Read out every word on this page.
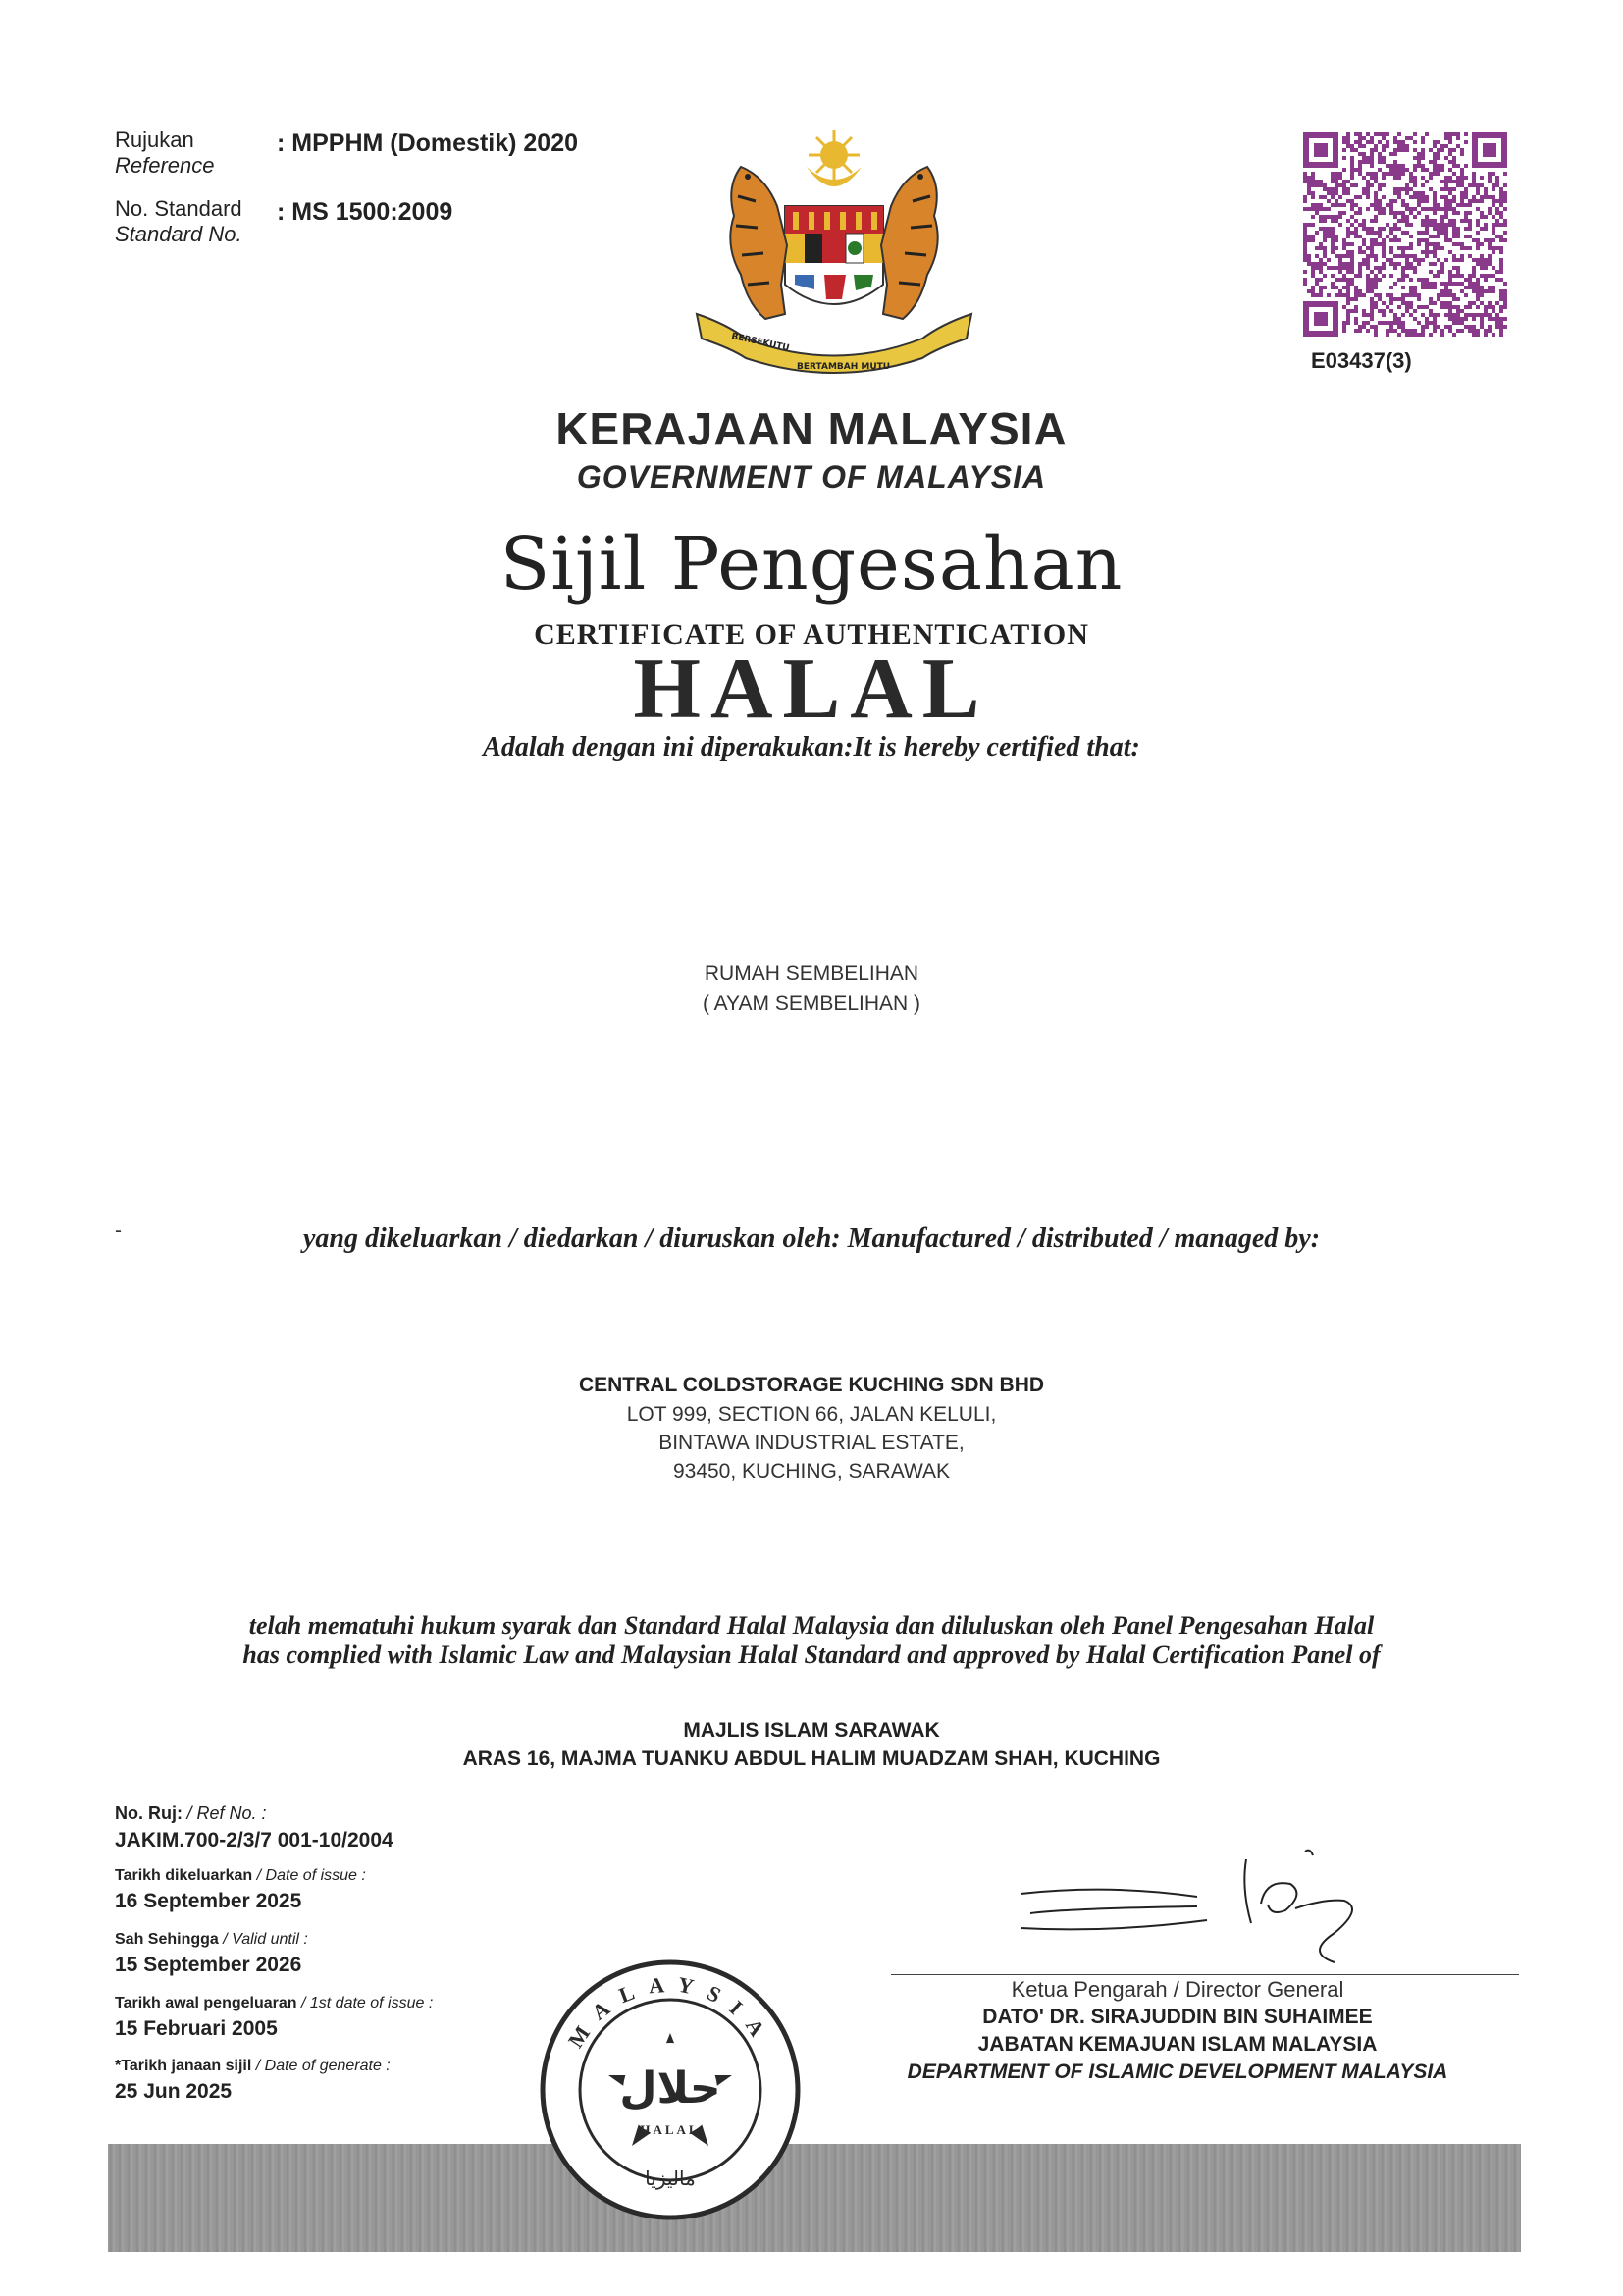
Rujukan
Reference
: MPPHM (Domestik) 2020
No. Standard
Standard No.
: MS 1500:2009
BERSEKUTU
BERTAMBAH MUTU	E03437(3)
KERAJAAN MALAYSIA
GOVERNMENT OF MALAYSIA
Sijil Pengesahan
CERTIFICATE OF AUTHENTICATION
HALAL
Adalah dengan ini diperakukan:It is hereby certified that:
RUMAH SEMBELIHAN
( AYAM SEMBELIHAN )
-	yang dikeluarkan / diedarkan / diuruskan oleh: Manufactured / distributed / managed by:
CENTRAL COLDSTORAGE KUCHING SDN BHD
LOT 999, SECTION 66, JALAN KELULI,
BINTAWA INDUSTRIAL ESTATE,
93450, KUCHING, SARAWAK
telah mematuhi hukum syarak dan Standard Halal Malaysia dan diluluskan oleh Panel Pengesahan Halal
has complied with Islamic Law and Malaysian Halal Standard and approved by Halal Certification Panel of
MAJLIS ISLAM SARAWAK
ARAS 16, MAJMA TUANKU ABDUL HALIM MUADZAM SHAH, KUCHING
No. Ruj: / Ref No. :
JAKIM.700-2/3/7 001-10/2004
Tarikh dikeluarkan / Date of issue :
16 September 2025
Sah Sehingga / Valid until :
15 September 2026
Tarikh awal pengeluaran / 1st date of issue :
15 Februari 2005
*Tarikh janaan sijil / Date of generate :
25 Jun 2025
MALAYSIA
حلال
HALAL
ماليزيا
Ketua Pengarah / Director General
DATO' DR. SIRAJUDDIN BIN SUHAIMEE
JABATAN KEMAJUAN ISLAM MALAYSIA
DEPARTMENT OF ISLAMIC DEVELOPMENT MALAYSIA
